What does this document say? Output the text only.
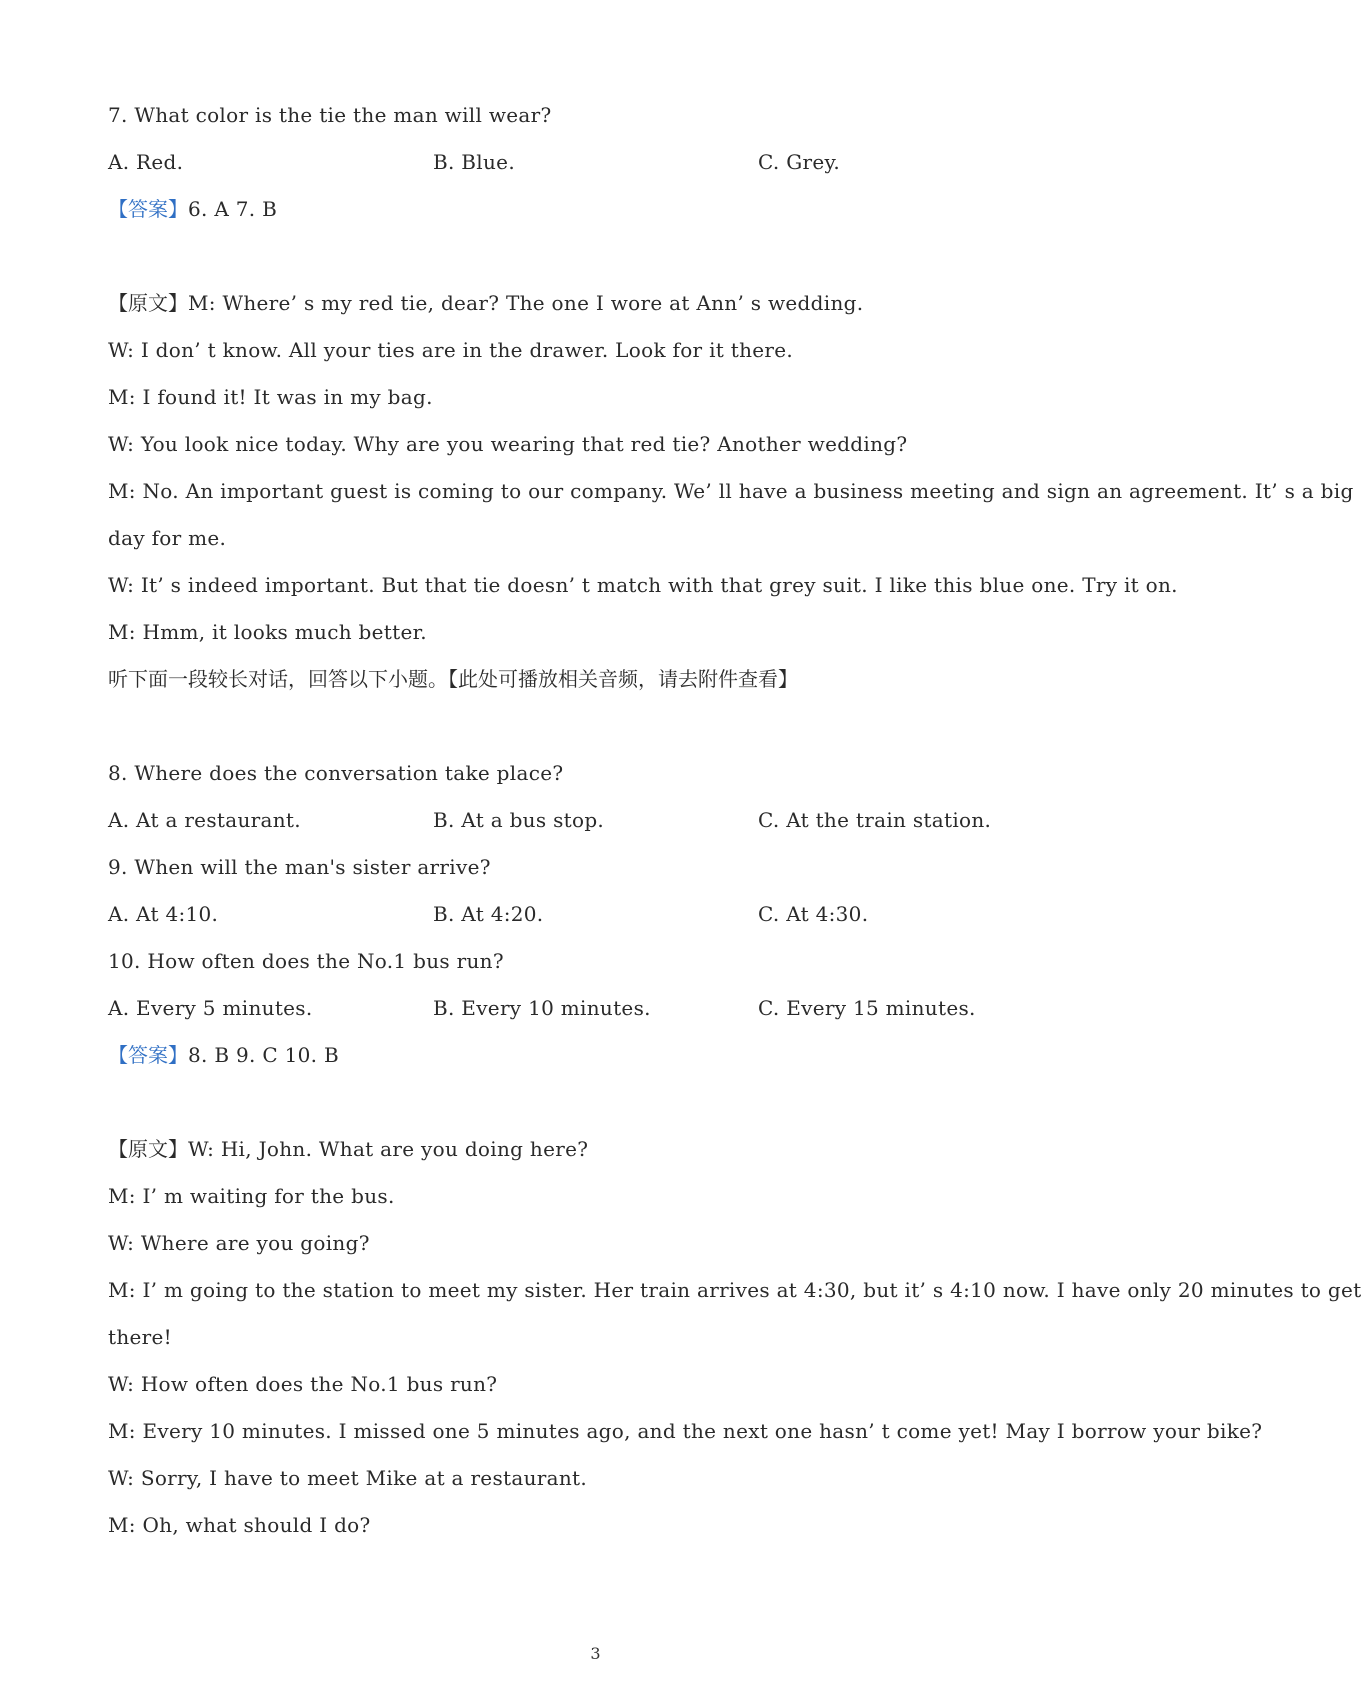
7. What color is the tie the man will wear?
A. Red.	B. Blue.	C. Grey.
【答案】6. A 7. B
【原文】M: Where’ s my red tie, dear? The one I wore at Ann’ s wedding.
W: I don’ t know. All your ties are in the drawer. Look for it there.
M: I found it! It was in my bag.
W: You look nice today. Why are you wearing that red tie? Another wedding?
M: No. An important guest is coming to our company. We’ ll have a business meeting and sign an agreement. It’ s a big
day for me.
W: It’ s indeed important. But that tie doesn’ t match with that grey suit. I like this blue one. Try it on.
M: Hmm, it looks much better.
听下面一段较长对话，回答以下小题。【此处可播放相关音频，请去附件查看】
8. Where does the conversation take place?
A. At a restaurant.	B. At a bus stop.	C. At the train station.
9. When will the man's sister arrive?
A. At 4:10.	B. At 4:20.	C. At 4:30.
10. How often does the No.1 bus run?
A. Every 5 minutes.	B. Every 10 minutes.	C. Every 15 minutes.
【答案】8. B 9. C 10. B
【原文】W: Hi, John. What are you doing here?
M: I’ m waiting for the bus.
W: Where are you going?
M: I’ m going to the station to meet my sister. Her train arrives at 4:30, but it’ s 4:10 now. I have only 20 minutes to get
there!
W: How often does the No.1 bus run?
M: Every 10 minutes. I missed one 5 minutes ago, and the next one hasn’ t come yet! May I borrow your bike?
W: Sorry, I have to meet Mike at a restaurant.
M: Oh, what should I do?
3
